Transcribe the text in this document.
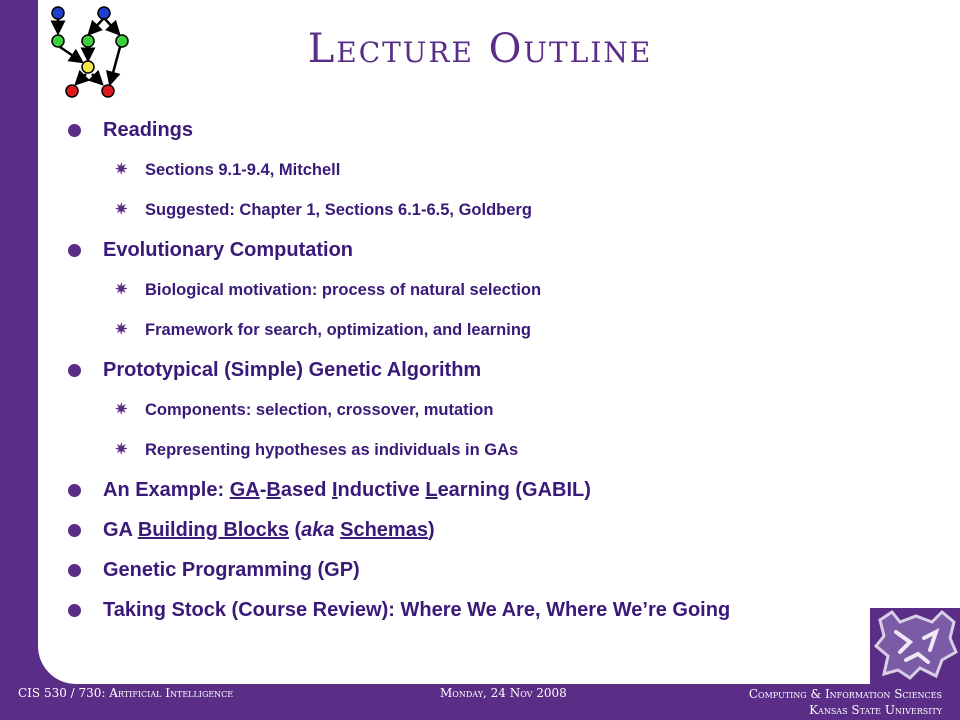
Lecture Outline
Readings
✷ Sections 9.1-9.4, Mitchell
✷ Suggested: Chapter 1, Sections 6.1-6.5, Goldberg
Evolutionary Computation
✷ Biological motivation: process of natural selection
✷ Framework for search, optimization, and learning
Prototypical (Simple) Genetic Algorithm
✷ Components: selection, crossover, mutation
✷ Representing hypotheses as individuals in GAs
An Example: GA-Based Inductive Learning (GABIL)
GA Building Blocks (aka Schemas)
Genetic Programming (GP)
Taking Stock (Course Review): Where We Are, Where We’re Going
CIS 530 / 730: Artificial Intelligence	Monday, 24 Nov 2008	Computing & Information Sciences
Kansas State University
